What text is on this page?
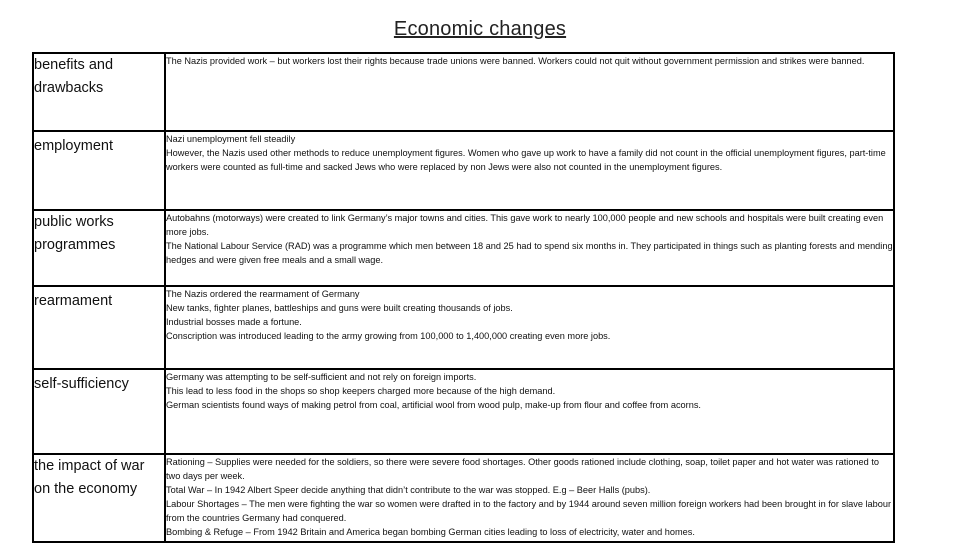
Economic changes
benefits and drawbacks	The Nazis provided work – but workers lost their rights because trade unions were banned. Workers could not quit without government permission and strikes were banned.

employment	Nazi unemployment fell steadily
However, the Nazis used other methods to reduce unemployment figures. Women who gave up work to have a family did not count in the official unemployment figures, part-time workers were counted as full-time and sacked Jews who were replaced by non Jews were also not counted in the unemployment figures.

public works programmes	Autobahns (motorways) were created to link Germany’s major towns and cities. This gave work to nearly 100,000 people and new schools and hospitals were built creating even more jobs.
The National Labour Service (RAD) was a programme which men between 18 and 25 had to spend six months in. They participated in things such as planting forests and mending hedges and were given free meals and a small wage.

rearmament	The Nazis ordered the rearmament of Germany
New tanks, fighter planes, battleships and guns were built creating thousands of jobs.
Industrial bosses made a fortune.
Conscription was introduced leading to the army growing from 100,000 to 1,400,000 creating even more jobs.

self-sufficiency	Germany was attempting to be self-sufficient and not rely on foreign imports.
This lead to less food in the shops so shop keepers charged more because of the high demand.
German scientists found ways of making petrol from coal, artificial wool from wood pulp, make-up from flour and coffee from acorns.

the impact of war on the economy	Rationing – Supplies were needed for the soldiers, so there were severe food shortages. Other goods rationed include clothing, soap, toilet paper and hot water was rationed to two days per week.
Total War – In 1942 Albert Speer decide anything that didn’t contribute to the war was stopped. E.g – Beer Halls (pubs).
Labour Shortages – The men were fighting the war so women were drafted in to the factory and by 1944 around seven million foreign workers had been brought in for slave labour from the countries Germany had conquered.
Bombing & Refuge – From 1942 Britain and America began bombing German cities leading to loss of electricity, water and homes.
